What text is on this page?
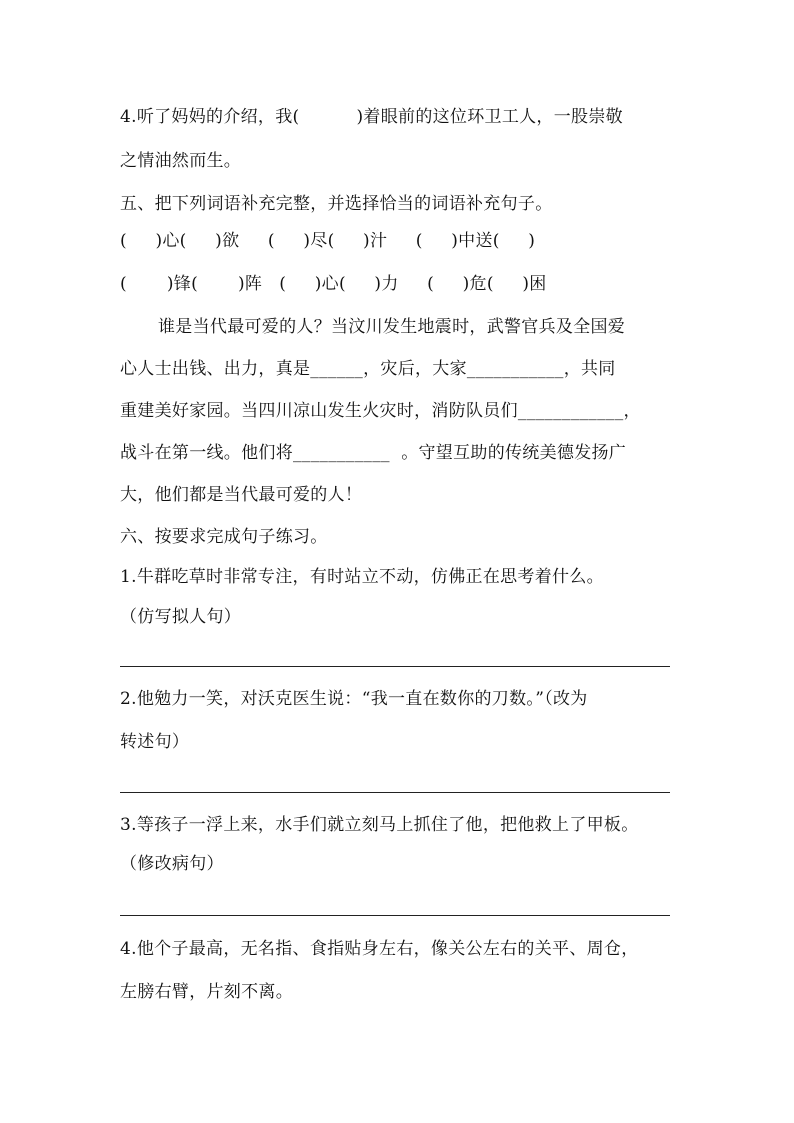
4.听了妈妈的介绍，我(          )着眼前的这位环卫工人，一股崇敬
之情油然而生。
五、把下列词语补充完整，并选择恰当的词语补充句子。
(     )心(     )欲     (     )尽(     )汁     (     )中送(     )
(       )锋(       )阵   (     )心(     )力     (     )危(     )困
谁是当代最可爱的人？当汶川发生地震时，武警官兵及全国爱
心人士出钱、出力，真是______，灾后，大家___________，共同
重建美好家园。当四川凉山发生火灾时，消防队员们____________，
战斗在第一线。他们将___________  。守望互助的传统美德发扬广
大，他们都是当代最可爱的人！
六、按要求完成句子练习。
1.牛群吃草时非常专注，有时站立不动，仿佛正在思考着什么。
（仿写拟人句）
2.他勉力一笑，对沃克医生说：“我一直在数你的刀数。”（改为
转述句）
3.等孩子一浮上来，水手们就立刻马上抓住了他，把他救上了甲板。
（修改病句）
4.他个子最高，无名指、食指贴身左右，像关公左右的关平、周仓，
左膀右臂，片刻不离。
